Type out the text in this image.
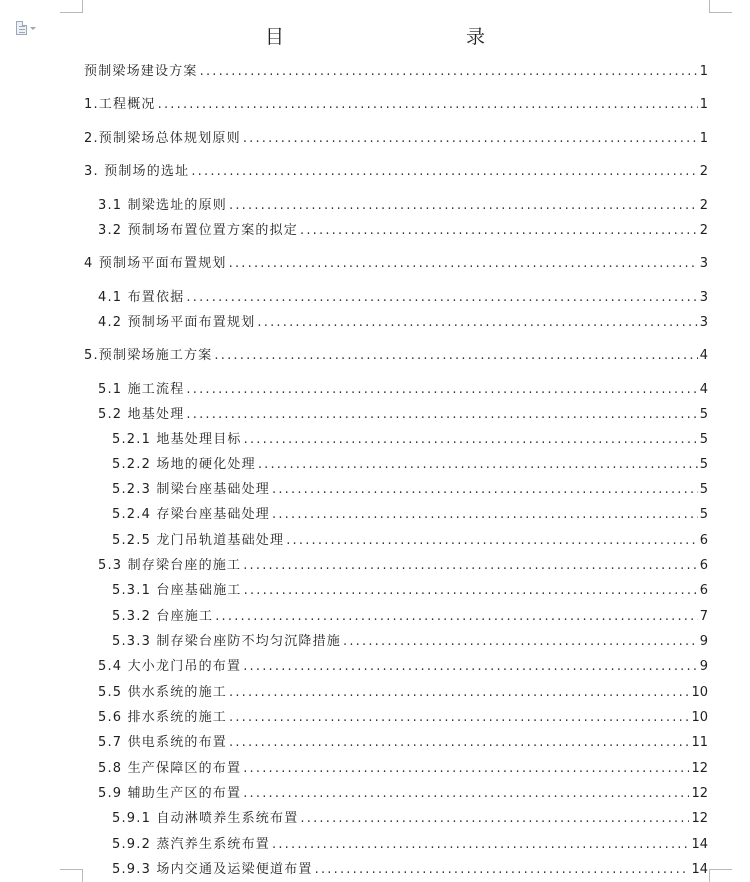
目　　录
预制梁场建设方案 .....	1
1.工程概况 .....	1
2.预制梁场总体规划原则 .....	1
3. 预制场的选址 .....	2
3.1 制梁选址的原则 .....	2
3.2 预制场布置位置方案的拟定 .....	2
4 预制场平面布置规划 .....	3
4.1 布置依据 .....	3
4.2 预制场平面布置规划 .....	3
5.预制梁场施工方案 .....	4
5.1 施工流程 .....	4
5.2 地基处理 .....	5
5.2.1 地基处理目标 .....	5
5.2.2 场地的硬化处理 .....	5
5.2.3 制梁台座基础处理 .....	5
5.2.4 存梁台座基础处理 .....	5
5.2.5 龙门吊轨道基础处理 .....	6
5.3 制存梁台座的施工 .....	6
5.3.1 台座基础施工 .....	6
5.3.2 台座施工 .....	7
5.3.3 制存梁台座防不均匀沉降措施 .....	9
5.4 大小龙门吊的布置 .....	9
5.5 供水系统的施工 .....	10
5.6 排水系统的施工 .....	10
5.7 供电系统的布置 .....	11
5.8 生产保障区的布置 .....	12
5.9 辅助生产区的布置 .....	12
5.9.1 自动淋喷养生系统布置 .....	12
5.9.2 蒸汽养生系统布置 .....	14
5.9.3 场内交通及运梁便道布置 .....	14
